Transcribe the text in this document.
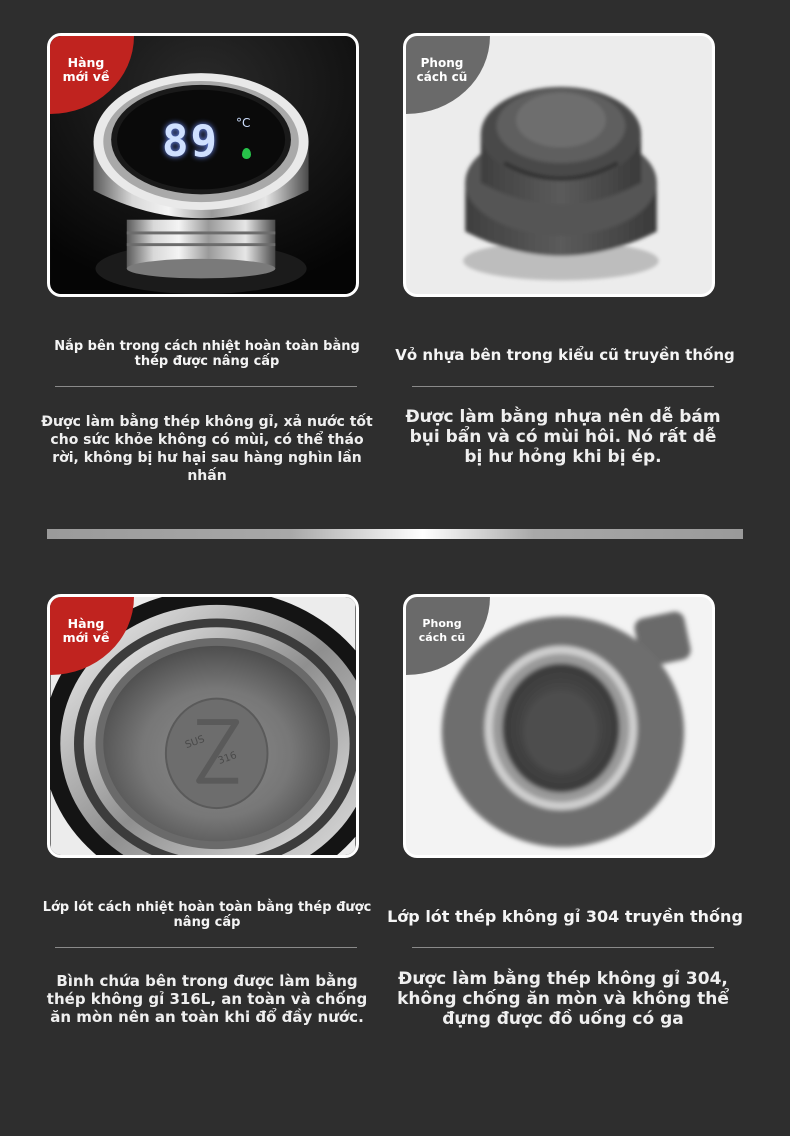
89 °C
Hàng
mới về
Phong
cách cũ
Nắp bên trong cách nhiệt hoàn toàn bằng thép được nâng cấp	Vỏ nhựa bên trong kiểu cũ truyền thống
Được làm bằng thép không gỉ, xả nước tốt cho sức khỏe không có mùi, có thể tháo rời, không bị hư hại sau hàng nghìn lần nhấn
Được làm bằng nhựa nên dễ bám bụi bẩn và có mùi hôi. Nó rất dễ bị hư hỏng khi bị ép.
SUS
316
Hàng
mới về
Phong
cách cũ
Lớp lót cách nhiệt hoàn toàn bằng thép được nâng cấp	Lớp lót thép không gỉ 304 truyền thống
Bình chứa bên trong được làm bằng thép không gỉ 316L, an toàn và chống ăn mòn nên an toàn khi đổ đầy nước.
Được làm bằng thép không gỉ 304, không chống ăn mòn và không thể đựng được đồ uống có ga
